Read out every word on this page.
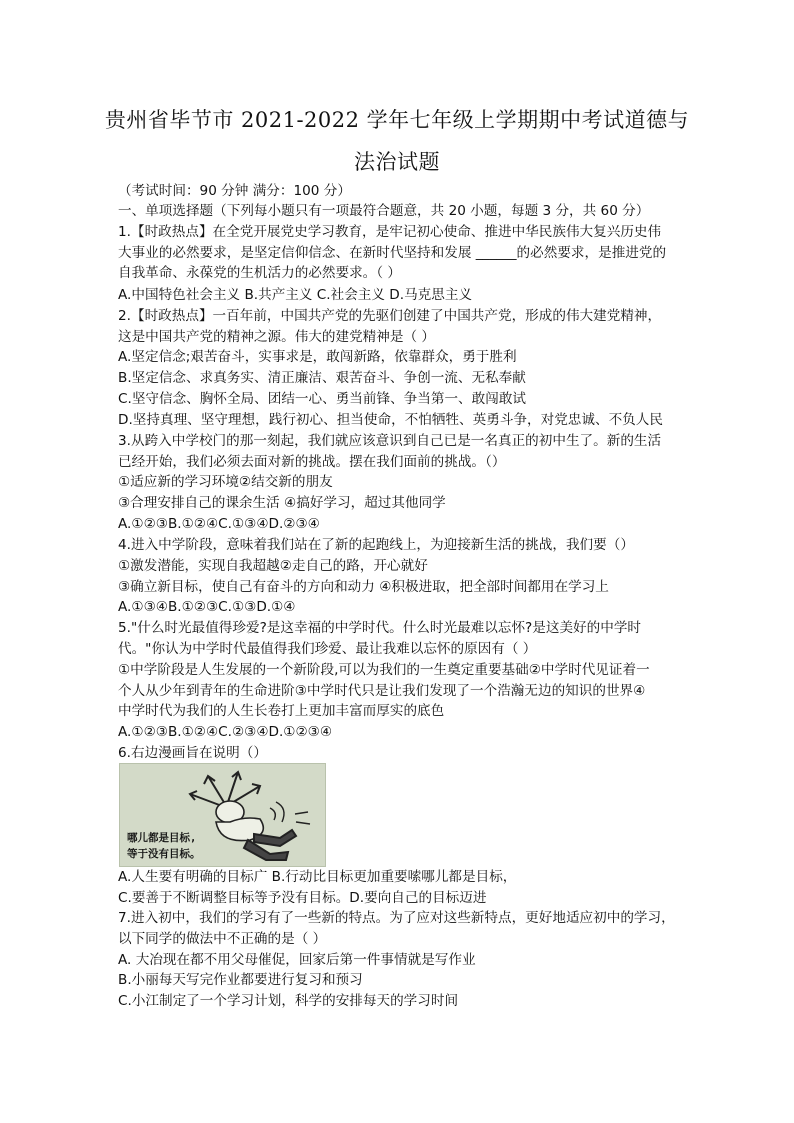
贵州省毕节市 2021-2022 学年七年级上学期期中考试道德与
法治试题
（考试时间：90 分钟 满分：100 分）
一、单项选择题（下列每小题只有一项最符合题意，共 20 小题，每题 3 分，共 60 分）
1.【时政热点】在全党开展党史学习教育，是牢记初心使命、推进中华民族伟大复兴历史伟
大事业的必然要求，是坚定信仰信念、在新时代坚持和发展 ______的必然要求，是推进党的
自我革命、永葆党的生机活力的必然要求。（ ）
A.中国特色社会主义 B.共产主义 C.社会主义 D.马克思主义
2.【时政热点】一百年前，中国共产党的先驱们创建了中国共产党，形成的伟大建党精神，
这是中国共产党的精神之源。伟大的建党精神是（ ）
A.坚定信念;艰苦奋斗，实事求是，敢闯新路，依靠群众，勇于胜利
B.坚定信念、求真务实、清正廉洁、艰苦奋斗、争创一流、无私奉献
C.坚守信念、胸怀全局、团结一心、勇当前锋、争当第一、敢闯敢试
D.坚持真理、坚守理想，践行初心、担当使命，不怕牺牲、英勇斗争，对党忠诚、不负人民
3.从跨入中学校门的那一刻起，我们就应该意识到自己已是一名真正的初中生了。新的生活
已经开始，我们必须去面对新的挑战。摆在我们面前的挑战。（）
①适应新的学习环境②结交新的朋友
③合理安排自己的课余生活 ④搞好学习，超过其他同学
A.①②③B.①②④C.①③④D.②③④
4.进入中学阶段，意味着我们站在了新的起跑线上，为迎接新生活的挑战，我们要（）
①激发潜能，实现自我超越②走自己的路，开心就好
③确立新目标，使自己有奋斗的方向和动力 ④积极进取，把全部时间都用在学习上
A.①③④B.①②③C.①③D.①④
5."什么时光最值得珍爱?是这幸福的中学时代。什么时光最难以忘怀?是这美好的中学时
代。"你认为中学时代最值得我们珍爱、最让我难以忘怀的原因有（ ）
①中学阶段是人生发展的一个新阶段,可以为我们的一生奠定重要基础②中学时代见证着一
个人从少年到青年的生命进阶③中学时代只是让我们发现了一个浩瀚无边的知识的世界④
中学时代为我们的人生长卷打上更加丰富而厚实的底色
A.①②③B.①②④C.②③④D.①②③④
6.右边漫画旨在说明（）
哪儿都是目标,
等于没有目标。
A.人生要有明确的目标广 B.行动比目标更加重要嗦哪儿都是目标，
C.要善于不断调整目标等予没有目标。D.要向自己的目标迈进
7.进入初中，我们的学习有了一些新的特点。为了应对这些新特点，更好地适应初中的学习，
以下同学的做法中不正确的是（ ）
A. 大冶现在都不用父母催促，回家后第一件事情就是写作业
B.小丽每天写完作业都要进行复习和预习
C.小江制定了一个学习计划，科学的安排每天的学习时间
